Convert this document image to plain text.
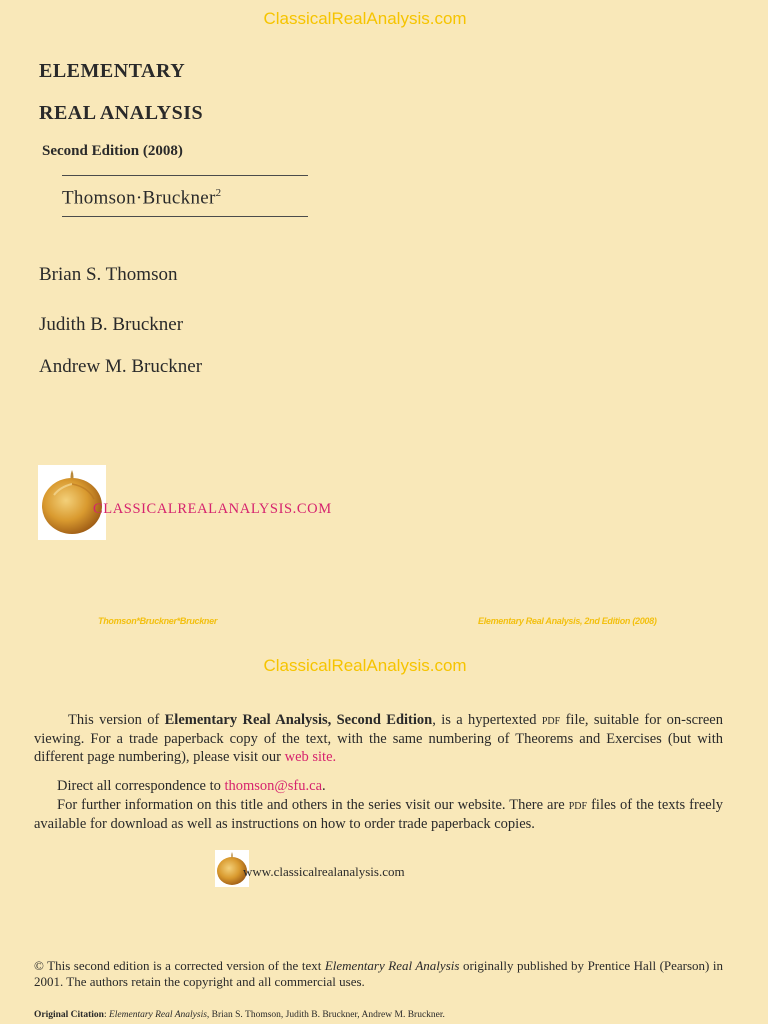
ClassicalRealAnalysis.com
ELEMENTARY
REAL ANALYSIS
Second Edition (2008)
Thomson·Bruckner$^2$
Brian S. Thomson
Judith B. Bruckner
Andrew M. Bruckner
CLASSICALREALANALYSIS.COM
Thomson*Bruckner*Bruckner	Elementary Real Analysis, 2nd Edition (2008)
ClassicalRealAnalysis.com
This version of Elementary Real Analysis, Second Edition, is a hypertexted pdf file, suitable for on-screen viewing. For a trade paperback copy of the text, with the same numbering of Theorems and Exercises (but with different page numbering), please visit our web site.
Direct all correspondence to thomson@sfu.ca.
For further information on this title and others in the series visit our website. There are pdf files of the texts freely available for download as well as instructions on how to order trade paperback copies.
www.classicalrealanalysis.com
© This second edition is a corrected version of the text Elementary Real Analysis originally published by Prentice Hall (Pearson) in 2001. The authors retain the copyright and all commercial uses.
Original Citation: Elementary Real Analysis, Brian S. Thomson, Judith B. Bruckner, Andrew M. Bruckner.
